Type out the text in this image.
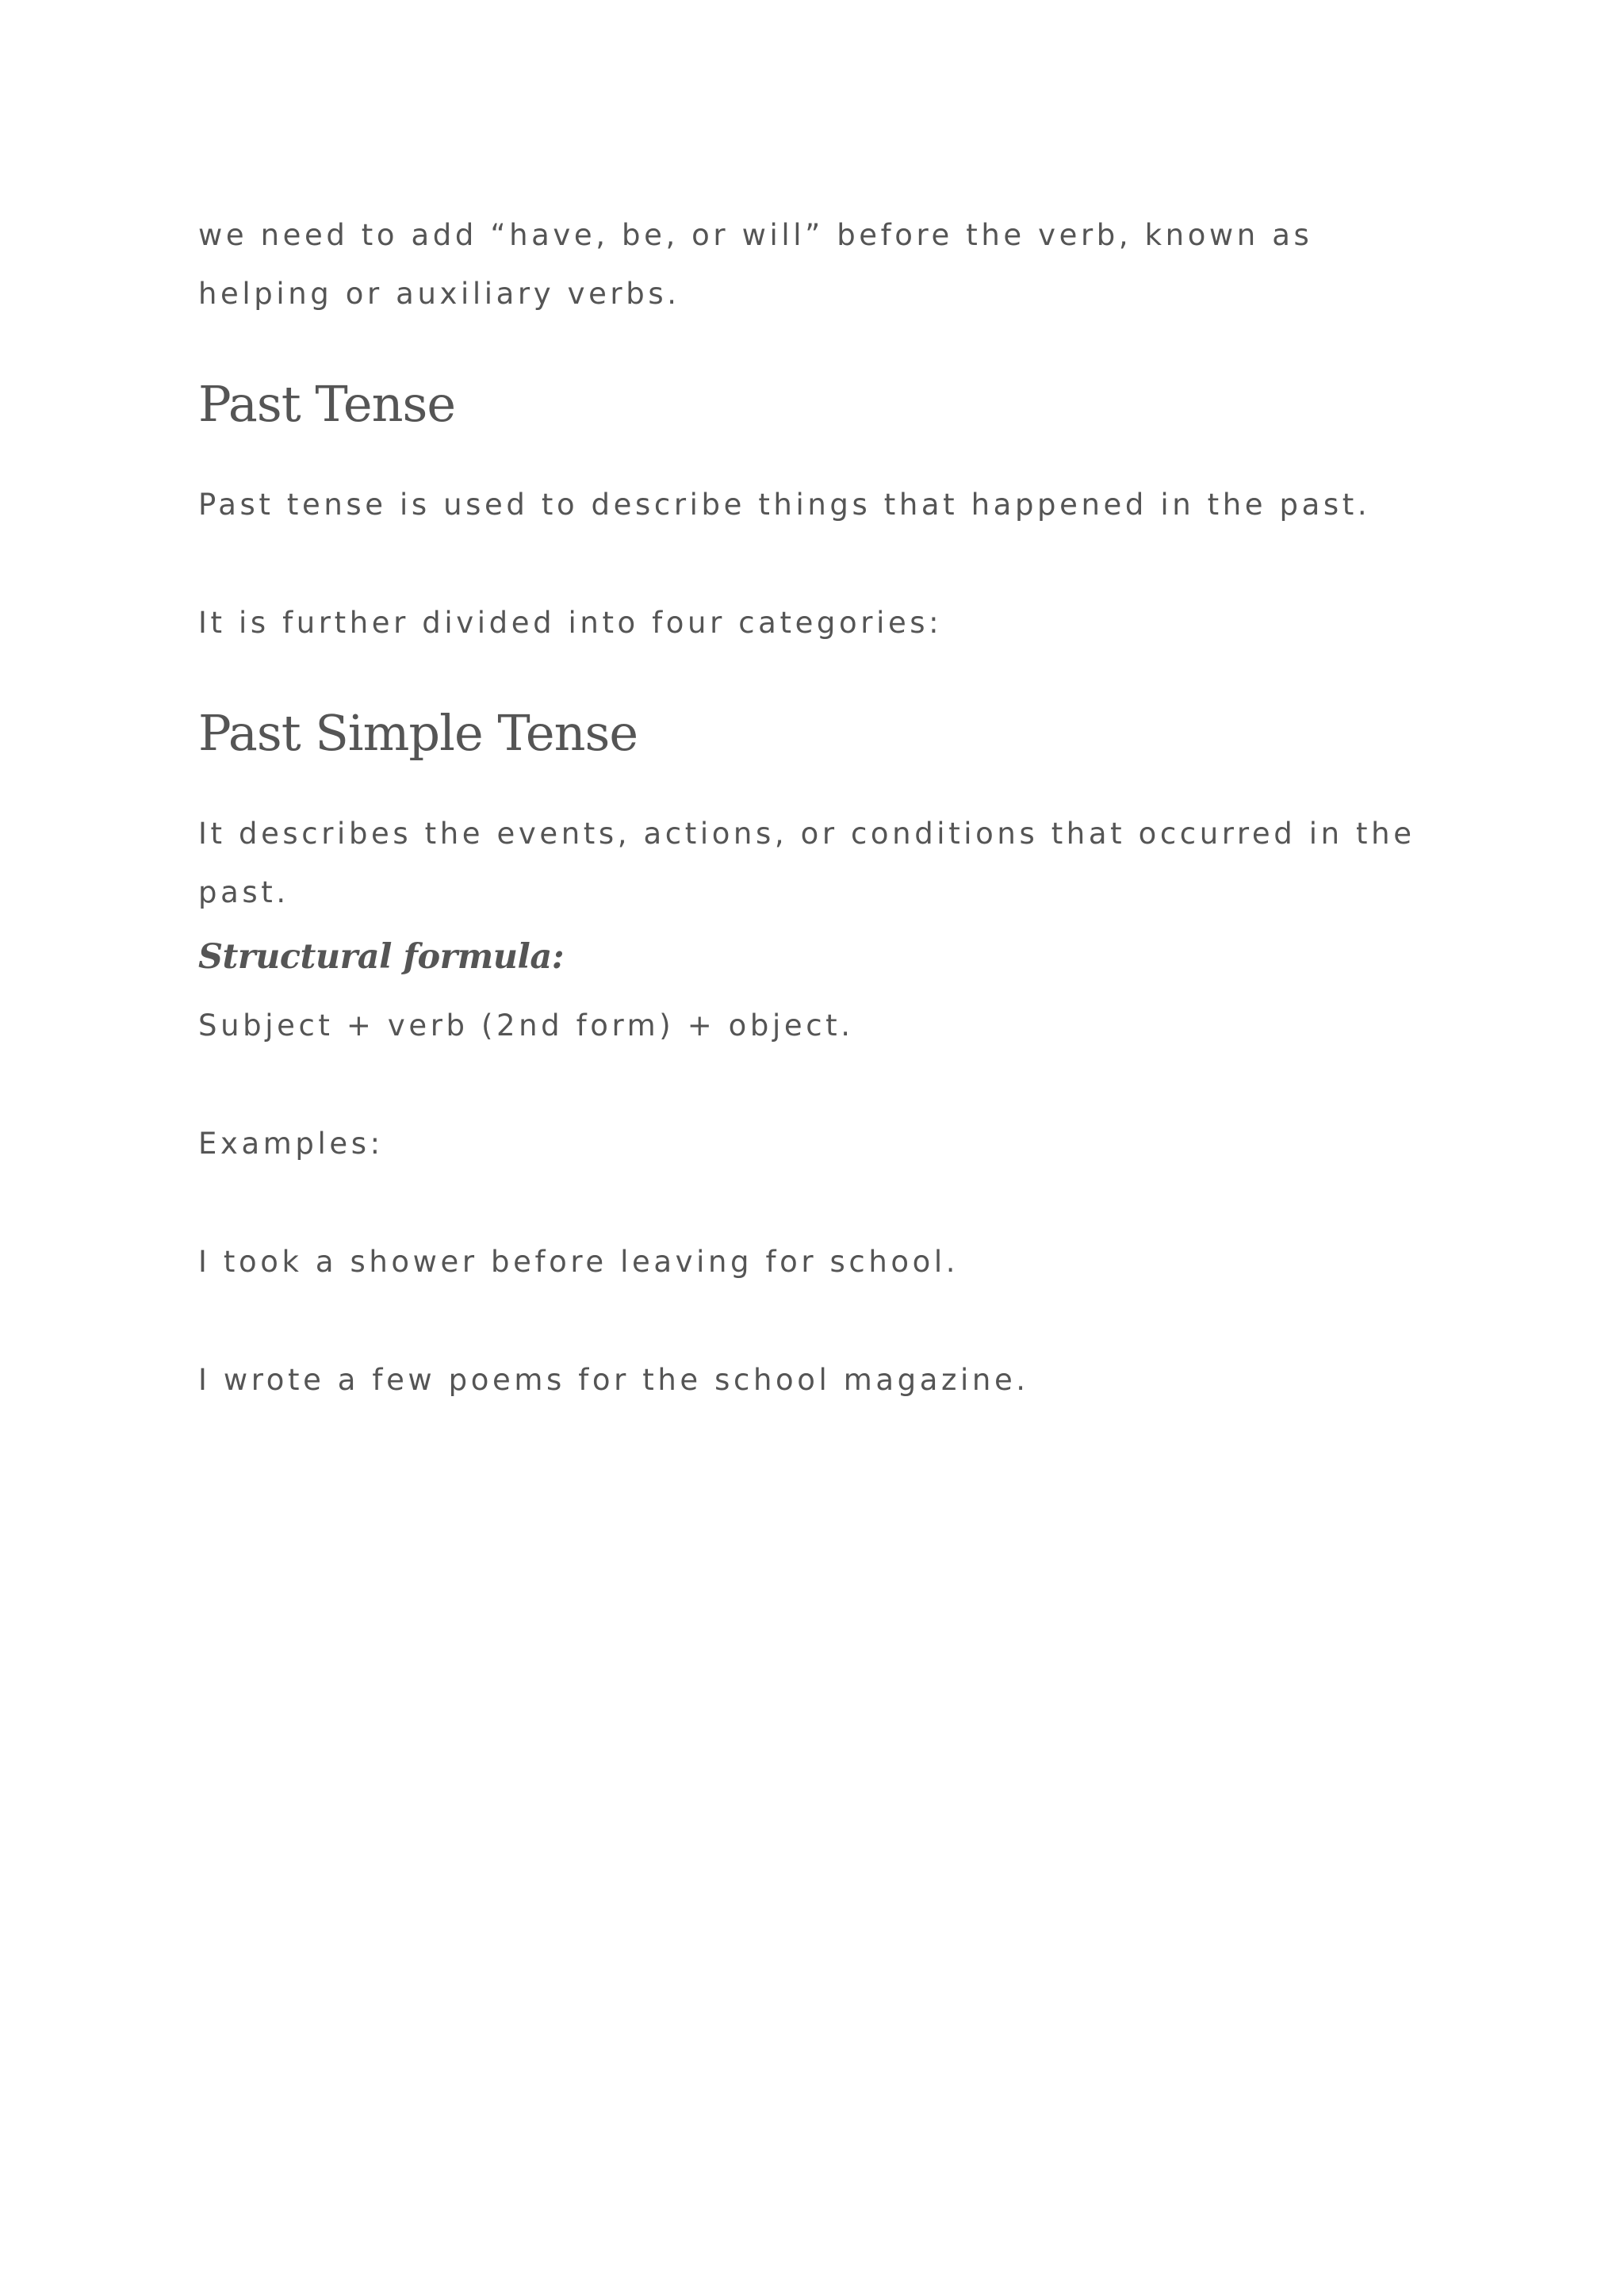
we need to add “have, be, or will” before the verb, known as helping or auxiliary verbs.

Past Tense

Past tense is used to describe things that happened in the past.

It is further divided into four categories:

Past Simple Tense

It describes the events, actions, or conditions that occurred in the past.

Structural formula:

Subject + verb (2nd form) + object.

Examples:

I took a shower before leaving for school.

I wrote a few poems for the school magazine.
